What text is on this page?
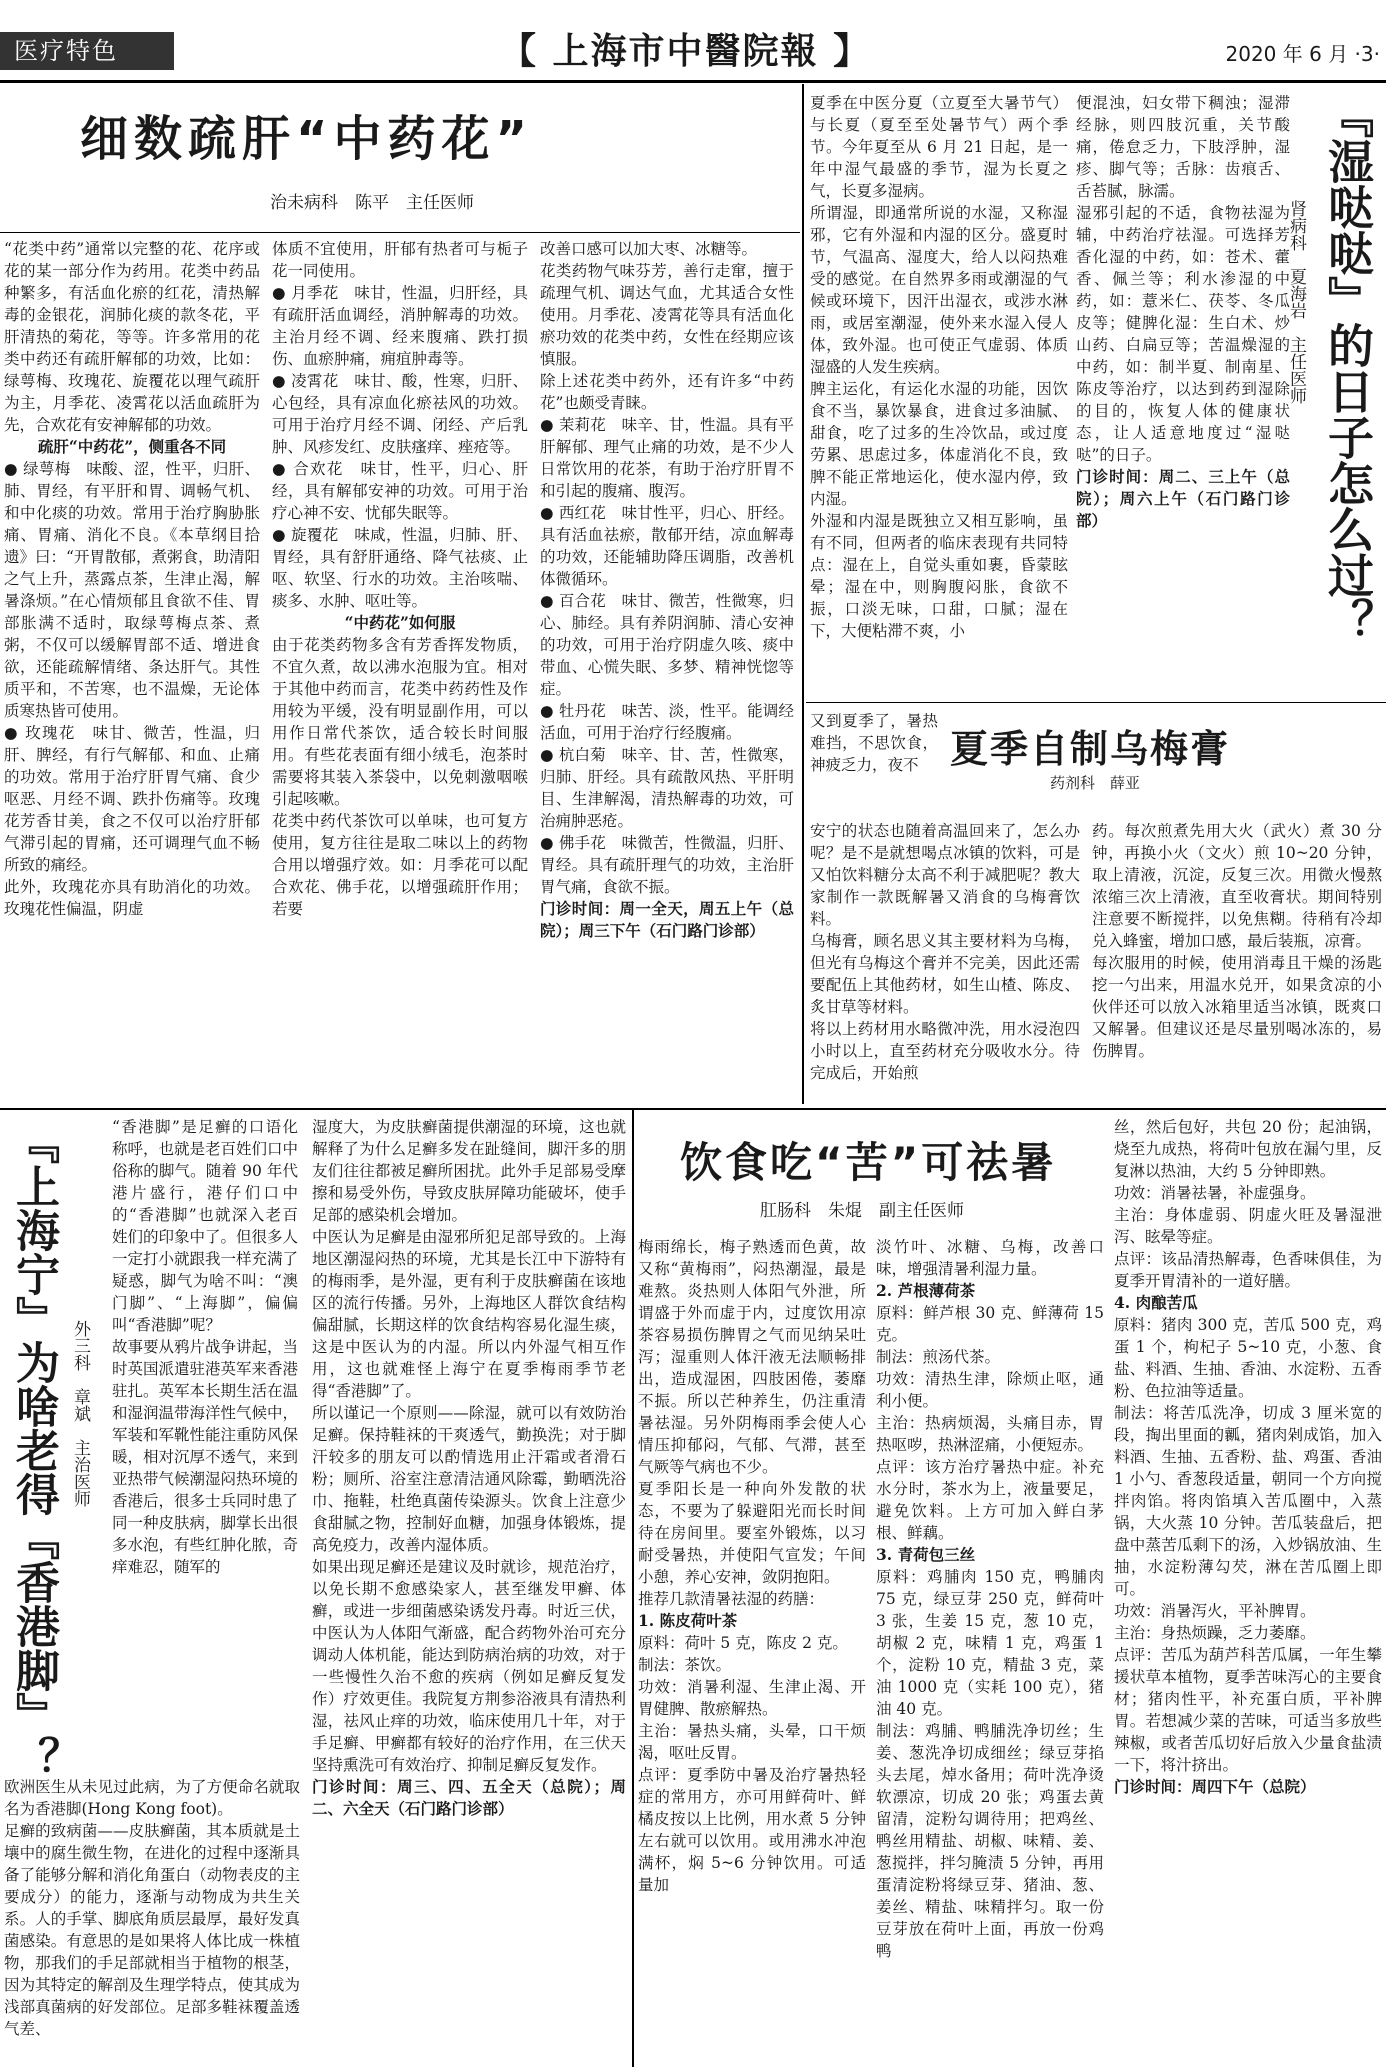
医疗特色	【 上海市中醫院報 】	2020 年 6 月 ·3·
细数疏肝“中药花”
治未病科　陈平　主任医师

“花类中药”通常以完整的花、花序或花的某一部分作为药用。花类中药品种繁多，有活血化瘀的红花，清热解毒的金银花，润肺化痰的款冬花，平肝清热的菊花，等等。许多常用的花类中药还有疏肝解郁的功效，比如：绿萼梅、玫瑰花、旋覆花以理气疏肝为主，月季花、凌霄花以活血疏肝为先，合欢花有安神解郁的功效。

疏肝“中药花”，侧重各不同

● 绿萼梅　味酸、涩，性平，归肝、肺、胃经，有平肝和胃、调畅气机、和中化痰的功效。常用于治疗胸胁胀痛、胃痛、消化不良。《本草纲目拾遗》曰：“开胃散郁，煮粥食，助清阳之气上升，蒸露点茶，生津止渴，解暑涤烦。”在心情烦郁且食欲不佳、胃部胀满不适时，取绿萼梅点茶、煮粥，不仅可以缓解胃部不适、增进食欲，还能疏解情绪、条达肝气。其性质平和，不苦寒，也不温燥，无论体质寒热皆可使用。

● 玫瑰花　味甘、微苦，性温，归肝、脾经，有行气解郁、和血、止痛的功效。常用于治疗肝胃气痛、食少呕恶、月经不调、跌扑伤痛等。玫瑰花芳香甘美，食之不仅可以治疗肝郁气滞引起的胃痛，还可调理气血不畅所致的痛经。

此外，玫瑰花亦具有助消化的功效。玫瑰花性偏温，阴虚

体质不宜使用，肝郁有热者可与栀子花一同使用。

● 月季花　味甘，性温，归肝经，具有疏肝活血调经，消肿解毒的功效。主治月经不调、经来腹痛、跌打损伤、血瘀肿痛，痈疽肿毒等。

● 凌霄花　味甘、酸，性寒，归肝、心包经，具有凉血化瘀祛风的功效。可用于治疗月经不调、闭经、产后乳肿、风疹发红、皮肤瘙痒、痤疮等。

● 合欢花　味甘，性平，归心、肝经，具有解郁安神的功效。可用于治疗心神不安、忧郁失眠等。

● 旋覆花　味咸，性温，归肺、肝、胃经，具有舒肝通络、降气祛痰、止呕、软坚、行水的功效。主治咳喘、痰多、水肿、呕吐等。

“中药花”如何服

由于花类药物多含有芳香挥发物质，不宜久煮，故以沸水泡服为宜。相对于其他中药而言，花类中药药性及作用较为平缓，没有明显副作用，可以用作日常代茶饮，适合较长时间服用。有些花表面有细小绒毛，泡茶时需要将其装入茶袋中，以免刺激咽喉引起咳嗽。

花类中药代茶饮可以单味，也可复方使用，复方往往是取二味以上的药物合用以增强疗效。如：月季花可以配合欢花、佛手花，以增强疏肝作用；若要

改善口感可以加大枣、冰糖等。

花类药物气味芬芳，善行走窜，擅于疏理气机、调达气血，尤其适合女性使用。月季花、凌霄花等具有活血化瘀功效的花类中药，女性在经期应该慎服。

除上述花类中药外，还有许多“中药花”也颇受青睐。

● 茉莉花　味辛、甘，性温。具有平肝解郁、理气止痛的功效，是不少人日常饮用的花茶，有助于治疗肝胃不和引起的腹痛、腹泻。

● 西红花　味甘性平，归心、肝经。具有活血祛瘀，散郁开结，凉血解毒的功效，还能辅助降压调脂，改善机体微循环。

● 百合花　味甘、微苦，性微寒，归心、肺经。具有养阴润肺、清心安神的功效，可用于治疗阴虚久咳、痰中带血、心慌失眠、多梦、精神恍惚等症。

● 牡丹花　味苦、淡，性平。能调经活血，可用于治疗行经腹痛。

● 杭白菊　味辛、甘、苦，性微寒，归肺、肝经。具有疏散风热、平肝明目、生津解渴，清热解毒的功效，可治痈肿恶疮。

● 佛手花　味微苦，性微温，归肝、胃经。具有疏肝理气的功效，主治肝胃气痛，食欲不振。

门诊时间：周一全天，周五上午（总院）；周三下午（石门路门诊部）

夏季在中医分夏（立夏至大暑节气）与长夏（夏至至处暑节气）两个季节。今年夏至从 6 月 21 日起，是一年中湿气最盛的季节，湿为长夏之气，长夏多湿病。

所谓湿，即通常所说的水湿，又称湿邪，它有外湿和内湿的区分。盛夏时节，气温高、湿度大，给人以闷热难受的感觉。在自然界多雨或潮湿的气候或环境下，因汗出湿衣，或涉水淋雨，或居室潮湿，使外来水湿入侵人体，致外湿。也可使正气虚弱、体质湿盛的人发生疾病。

脾主运化，有运化水湿的功能，因饮食不当，暴饮暴食，进食过多油腻、甜食，吃了过多的生冷饮品，或过度劳累、思虑过多，体虚消化不良，致脾不能正常地运化，使水湿内停，致内湿。

外湿和内湿是既独立又相互影响，虽有不同，但两者的临床表现有共同特点：湿在上，自觉头重如裹，昏蒙眩晕；湿在中，则胸腹闷胀，食欲不振，口淡无味，口甜，口腻；湿在下，大便粘滞不爽，小

便混浊，妇女带下稠浊；湿滞经脉，则四肢沉重，关节酸痛，倦怠乏力，下肢浮肿，湿疹、脚气等；舌脉：齿痕舌、舌苔腻，脉濡。

湿邪引起的不适，食物祛湿为辅，中药治疗祛湿。可选择芳香化湿的中药，如：苍术、藿香、佩兰等；利水渗湿的中药，如：薏米仁、茯苓、冬瓜皮等；健脾化湿：生白术、炒山药、白扁豆等；苦温燥湿的中药，如：制半夏、制南星、陈皮等治疗，以达到药到湿除的目的，恢复人体的健康状态，让人适意地度过“湿哒哒”的日子。

门诊时间：周二、三上午（总院）；周六上午（石门路门诊部）

肾病科　夏海岩　主任医师 『湿哒哒』的日子怎么过？
夏季自制乌梅膏
药剂科　薛亚

又到夏季了，暑热难挡，不思饮食，神疲乏力，夜不

安宁的状态也随着高温回来了，怎么办呢？是不是就想喝点冰镇的饮料，可是又怕饮料糖分太高不利于减肥呢？教大家制作一款既解暑又消食的乌梅膏饮料。

乌梅膏，顾名思义其主要材料为乌梅，但光有乌梅这个膏并不完美，因此还需要配伍上其他药材，如生山楂、陈皮、炙甘草等材料。

将以上药材用水略微冲洗，用水浸泡四小时以上，直至药材充分吸收水分。待完成后，开始煎

药。每次煎煮先用大火（武火）煮 30 分钟，再换小火（文火）煎 10~20 分钟，取上清液，沉淀，反复三次。用微火慢熬浓缩三次上清液，直至收膏状。期间特别注意要不断搅拌，以免焦糊。待稍有冷却兑入蜂蜜，增加口感，最后装瓶，凉膏。

每次服用的时候，使用消毒且干燥的汤匙挖一勺出来，用温水兑开，如果贪凉的小伙伴还可以放入冰箱里适当冰镇，既爽口又解暑。但建议还是尽量别喝冰冻的，易伤脾胃。

『上海宁』为啥老得『香港脚』？ 外三科　章斌　主治医师

“香港脚”是足癣的口语化称呼，也就是老百姓们口中俗称的脚气。随着 90 年代港片盛行，港仔们口中的“香港脚”也就深入老百姓们的印象中了。但很多人一定打小就跟我一样充满了疑惑，脚气为啥不叫：“澳门脚”、“上海脚”，偏偏叫“香港脚”呢？

故事要从鸦片战争讲起，当时英国派遣驻港英军来香港驻扎。英军本长期生活在温和湿润温带海洋性气候中，军装和军靴性能注重防风保暖，相对沉厚不透气，来到亚热带气候潮湿闷热环境的香港后，很多士兵同时患了同一种皮肤病，脚掌长出很多水泡，有些红肿化脓，奇痒难忍，随军的

欧洲医生从未见过此病，为了方便命名就取名为香港脚(Hong Kong foot)。

足癣的致病菌——皮肤癣菌，其本质就是土壤中的腐生微生物，在进化的过程中逐渐具备了能够分解和消化角蛋白（动物表皮的主要成分）的能力，逐渐与动物成为共生关系。人的手掌、脚底角质层最厚，最好发真菌感染。有意思的是如果将人体比成一株植物，那我们的手足部就相当于植物的根茎，因为其特定的解剖及生理学特点，使其成为浅部真菌病的好发部位。足部多鞋袜覆盖透气差、

湿度大，为皮肤癣菌提供潮湿的环境，这也就解释了为什么足癣多发在趾缝间，脚汗多的朋友们往往都被足癣所困扰。此外手足部易受摩擦和易受外伤，导致皮肤屏障功能破坏，使手足部的感染机会增加。

中医认为足癣是由湿邪所犯足部导致的。上海地区潮湿闷热的环境，尤其是长江中下游特有的梅雨季，是外湿，更有利于皮肤癣菌在该地区的流行传播。另外，上海地区人群饮食结构偏甜腻，长期这样的饮食结构容易化湿生痰，这是中医认为的内湿。所以内外湿气相互作用，这也就难怪上海宁在夏季梅雨季节老得“香港脚”了。

所以谨记一个原则——除湿，就可以有效防治足癣。保持鞋袜的干爽透气，勤换洗；对于脚汗较多的朋友可以酌情选用止汗霜或者滑石粉；厕所、浴室注意清洁通风除霉，勤晒洗浴巾、拖鞋，杜绝真菌传染源头。饮食上注意少食甜腻之物，控制好血糖，加强身体锻炼，提高免疫力，改善内湿体质。

如果出现足癣还是建议及时就诊，规范治疗，以免长期不愈感染家人，甚至继发甲癣、体癣，或进一步细菌感染诱发丹毒。时近三伏，中医认为人体阳气渐盛，配合药物外治可充分调动人体机能，能达到防病治病的功效，对于一些慢性久治不愈的疾病（例如足癣反复发作）疗效更佳。我院复方荆参浴液具有清热利湿，祛风止痒的功效，临床使用几十年，对于手足癣、甲癣都有较好的治疗作用，在三伏天坚持熏洗可有效治疗、抑制足癣反复发作。

门诊时间：周三、四、五全天（总院）；周二、六全天（石门路门诊部）

饮食吃“苦”可祛暑
肛肠科　朱焜　副主任医师

梅雨绵长，梅子熟透而色黄，故又称“黄梅雨”，闷热潮湿，最是难熬。炎热则人体阳气外泄，所谓盛于外而虚于内，过度饮用凉茶容易损伤脾胃之气而见纳呆吐泻；湿重则人体汗液无法顺畅排出，造成湿困，四肢困倦，萎靡不振。所以芒种养生，仍注重清暑祛湿。另外阴梅雨季会使人心情压抑郁闷，气郁、气滞，甚至气厥等气病也不少。

夏季阳长是一种向外发散的状态，不要为了躲避阳光而长时间待在房间里。要室外锻炼，以习耐受暑热，并使阳气宣发；午间小憩，养心安神，敛阴抱阳。

推荐几款清暑祛湿的药膳：

1. 陈皮荷叶茶

原料：荷叶 5 克，陈皮 2 克。

制法：茶饮。

功效：消暑利湿、生津止渴、开胃健脾、散瘀解热。

主治：暑热头痛，头晕，口干烦渴，呕吐反胃。

点评：夏季防中暑及治疗暑热轻症的常用方，亦可用鲜荷叶、鲜橘皮按以上比例，用水煮 5 分钟左右就可以饮用。或用沸水冲泡满杯，焖 5~6 分钟饮用。可适量加

淡竹叶、冰糖、乌梅，改善口味，增强清暑利湿力量。

2. 芦根薄荷茶

原料：鲜芦根 30 克、鲜薄荷 15 克。

制法：煎汤代茶。

功效：清热生津，除烦止呕，通利小便。

主治：热病烦渴，头痛目赤，胃热呕哕，热淋涩痛，小便短赤。

点评：该方治疗暑热中症。补充水分时，茶水为上，液量要足，避免饮料。上方可加入鲜白茅根、鲜藕。

3. 青荷包三丝

原料：鸡脯肉 150 克，鸭脯肉 75 克，绿豆芽 250 克，鲜荷叶 3 张，生姜 15 克，葱 10 克，胡椒 2 克，味精 1 克，鸡蛋 1 个，淀粉 10 克，精盐 3 克，菜油 1000 克（实耗 100 克），猪油 40 克。

制法：鸡脯、鸭脯洗净切丝；生姜、葱洗净切成细丝；绿豆芽掐头去尾，焯水备用；荷叶洗净烫软漂凉，切成 20 张；鸡蛋去黄留清，淀粉勾调待用；把鸡丝、鸭丝用精盐、胡椒、味精、姜、葱搅拌，拌匀腌渍 5 分钟，再用蛋清淀粉将绿豆芽、猪油、葱、姜丝、精盐、味精拌匀。取一份豆芽放在荷叶上面，再放一份鸡鸭

丝，然后包好，共包 20 份；起油锅，烧至九成热，将荷叶包放在漏勺里，反复淋以热油，大约 5 分钟即熟。

功效：消暑祛暑，补虚强身。

主治：身体虚弱、阴虚火旺及暑湿泄泻、眩晕等症。

点评：该品清热解毒，色香味俱佳，为夏季开胃清补的一道好膳。

4. 肉酿苦瓜

原料：猪肉 300 克，苦瓜 500 克，鸡蛋 1 个，枸杞子 5~10 克，小葱、食盐、料酒、生抽、香油、水淀粉、五香粉、色拉油等适量。

制法：将苦瓜洗净，切成 3 厘米宽的段，掏出里面的瓤，猪肉剁成馅，加入料酒、生抽、五香粉、盐、鸡蛋、香油 1 小勺、香葱段适量，朝同一个方向搅拌肉馅。将肉馅填入苦瓜圈中，入蒸锅，大火蒸 10 分钟。苦瓜装盘后，把盘中蒸苦瓜剩下的汤，入炒锅放油、生抽，水淀粉薄勾芡，淋在苦瓜圈上即可。

功效：消暑泻火，平补脾胃。

主治：身热烦躁，乏力萎靡。

点评：苦瓜为葫芦科苦瓜属，一年生攀援状草本植物，夏季苦味泻心的主要食材；猪肉性平，补充蛋白质，平补脾胃。若想减少菜的苦味，可适当多放些辣椒，或者苦瓜切好后放入少量食盐渍一下，将汁挤出。

门诊时间：周四下午（总院）
